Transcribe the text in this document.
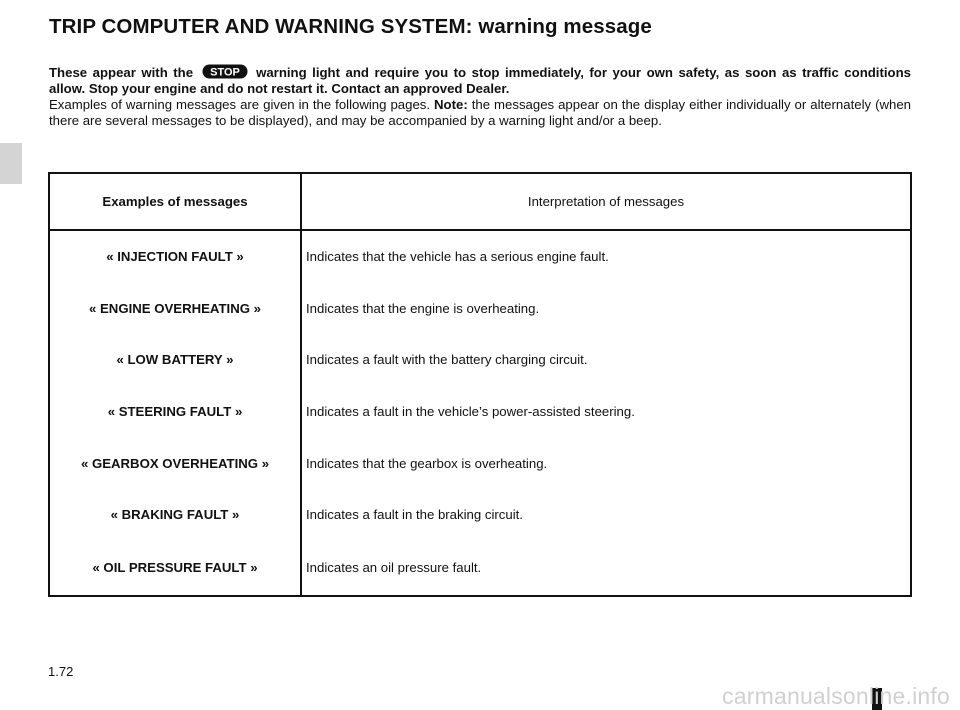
TRIP COMPUTER AND WARNING SYSTEM: warning message

These appear with the STOP warning light and require you to stop immediately, for your own safety, as soon as traffic conditions allow. Stop your engine and do not restart it. Contact an approved Dealer.

Examples of warning messages are given in the following pages. Note: the messages appear on the display either individually or alternately (when there are several messages to be displayed), and may be accompanied by a warning light and/or a beep.

Examples of messages	Interpretation of messages
« INJECTION FAULT »	Indicates that the vehicle has a serious engine fault.
« ENGINE OVERHEATING »	Indicates that the engine is overheating.
« LOW BATTERY »	Indicates a fault with the battery charging circuit.
« STEERING FAULT »	Indicates a fault in the vehicle’s power-assisted steering.
« GEARBOX OVERHEATING »	Indicates that the gearbox is overheating.
« BRAKING FAULT »	Indicates a fault in the braking circuit.
« OIL PRESSURE FAULT »	Indicates an oil pressure fault.
1.72
carmanualsonline.info
